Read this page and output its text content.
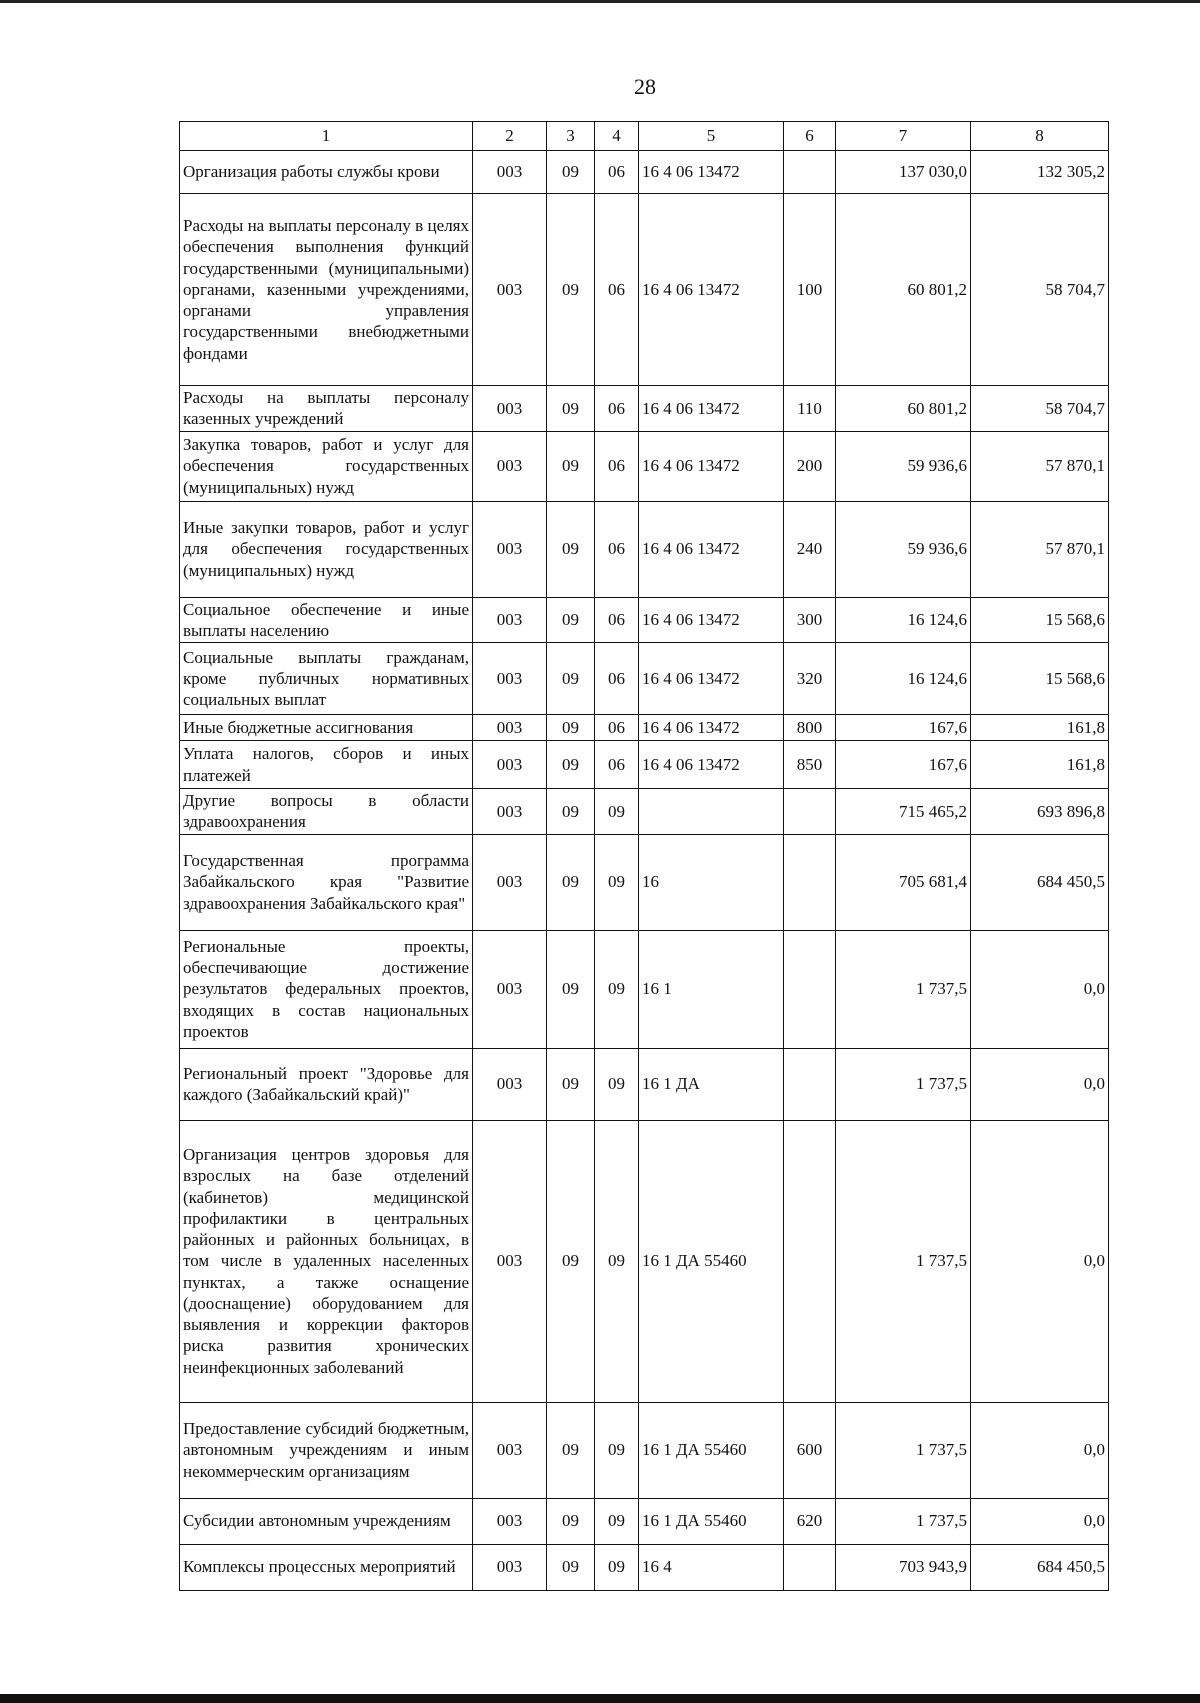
28
1	2	3	4	5	6	7	8
Организация работы службы крови	003	09	06	16 4 06 13472		137 030,0	132 305,2
Расходы на выплаты персоналу в целях обеспечения выполнения функций государственными (муниципальными) органами, казенными учреждениями, органами управления государственными внебюджетными фондами	003	09	06	16 4 06 13472	100	60 801,2	58 704,7
Расходы на выплаты персоналу казенных учреждений	003	09	06	16 4 06 13472	110	60 801,2	58 704,7
Закупка товаров, работ и услуг для обеспечения государственных (муниципальных) нужд	003	09	06	16 4 06 13472	200	59 936,6	57 870,1
Иные закупки товаров, работ и услуг для обеспечения государственных (муниципальных) нужд	003	09	06	16 4 06 13472	240	59 936,6	57 870,1
Социальное обеспечение и иные выплаты населению	003	09	06	16 4 06 13472	300	16 124,6	15 568,6
Социальные выплаты гражданам, кроме публичных нормативных социальных выплат	003	09	06	16 4 06 13472	320	16 124,6	15 568,6
Иные бюджетные ассигнования	003	09	06	16 4 06 13472	800	167,6	161,8
Уплата налогов, сборов и иных платежей	003	09	06	16 4 06 13472	850	167,6	161,8
Другие вопросы в области здравоохранения	003	09	09			715 465,2	693 896,8
Государственная программа Забайкальского края "Развитие здравоохранения Забайкальского края"	003	09	09	16		705 681,4	684 450,5
Региональные проекты, обеспечивающие достижение результатов федеральных проектов, входящих в состав национальных проектов	003	09	09	16 1		1 737,5	0,0
Региональный проект "Здоровье для каждого (Забайкальский край)"	003	09	09	16 1 ДА		1 737,5	0,0
Организация центров здоровья для взрослых на базе отделений (кабинетов) медицинской профилактики в центральных районных и районных больницах, в том числе в удаленных населенных пунктах, а также оснащение (дооснащение) оборудованием для выявления и коррекции факторов риска развития хронических неинфекционных заболеваний	003	09	09	16 1 ДА 55460		1 737,5	0,0
Предоставление субсидий бюджетным, автономным учреждениям и иным некоммерческим организациям	003	09	09	16 1 ДА 55460	600	1 737,5	0,0
Субсидии автономным учреждениям	003	09	09	16 1 ДА 55460	620	1 737,5	0,0
Комплексы процессных мероприятий	003	09	09	16 4		703 943,9	684 450,5
